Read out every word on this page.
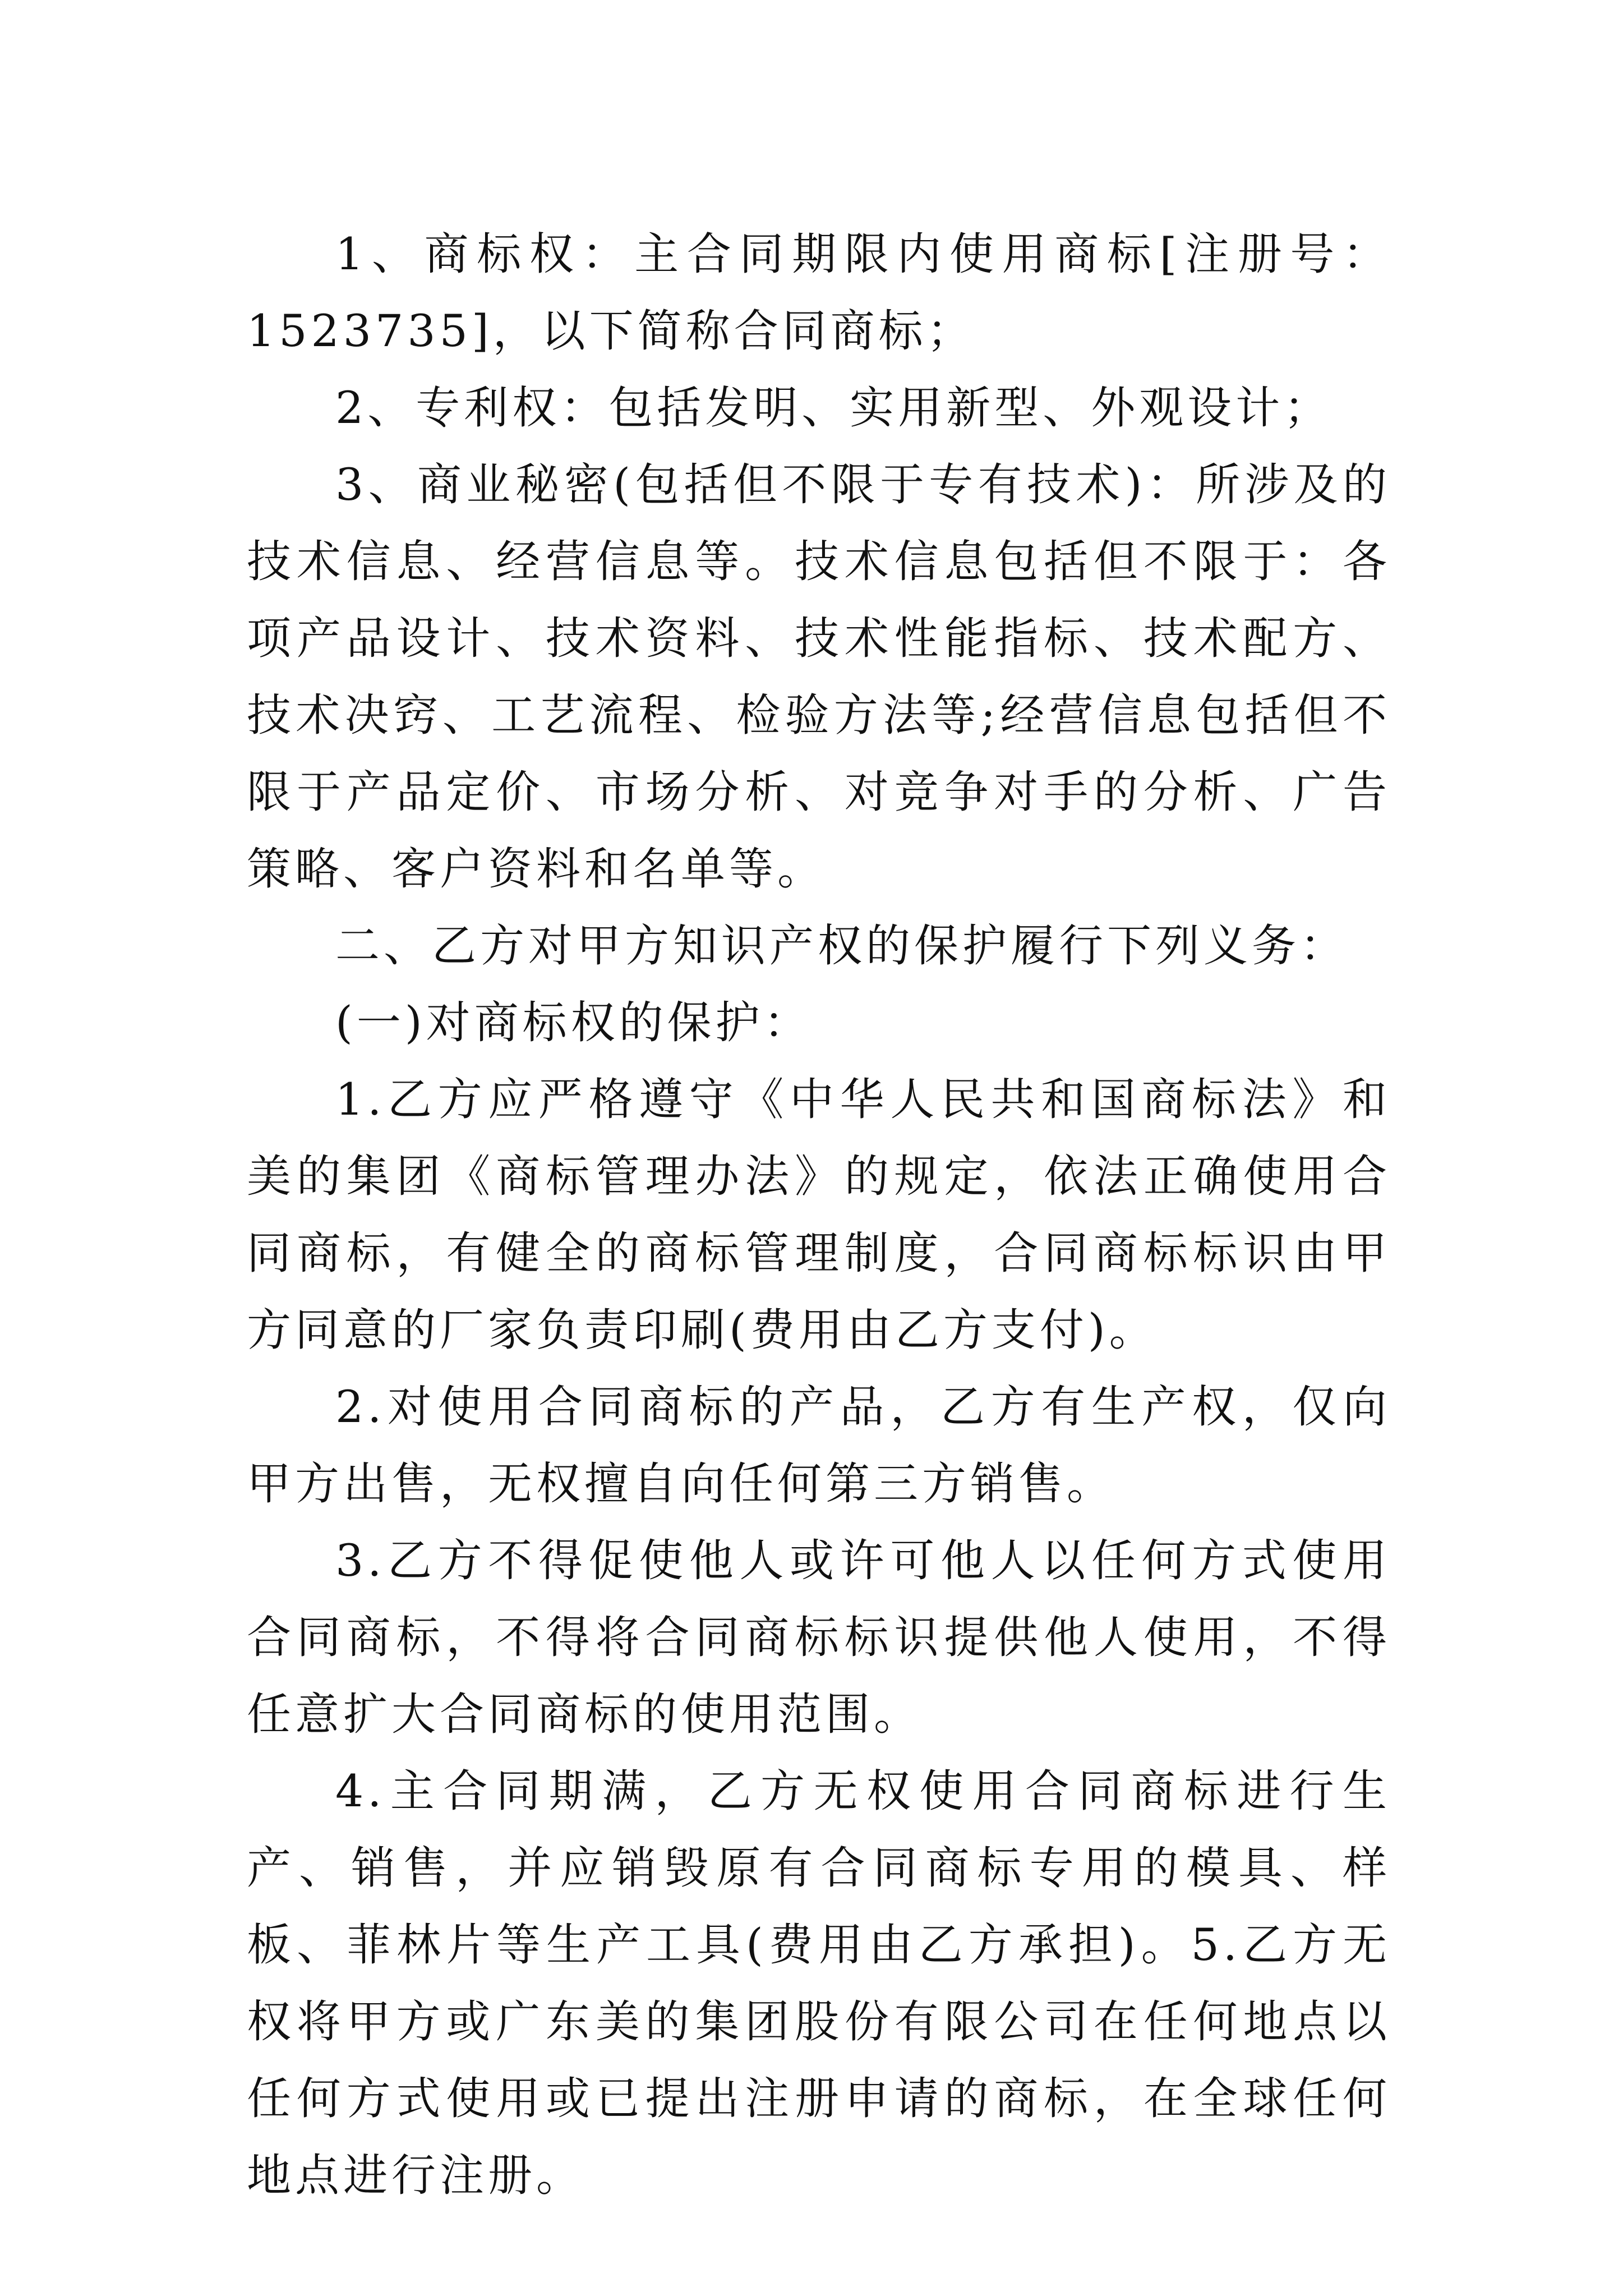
1、商标权：主合同期限内使用商标[注册号：1523735]，以下简称合同商标；

2、专利权：包括发明、实用新型、外观设计；

3、商业秘密(包括但不限于专有技术)：所涉及的技术信息、经营信息等。技术信息包括但不限于：各项产品设计、技术资料、技术性能指标、技术配方、技术决窍、工艺流程、检验方法等;经营信息包括但不限于产品定价、市场分析、对竞争对手的分析、广告策略、客户资料和名单等。

二、乙方对甲方知识产权的保护履行下列义务：

(一)对商标权的保护：

1.乙方应严格遵守《中华人民共和国商标法》和美的集团《商标管理办法》的规定，依法正确使用合同商标，有健全的商标管理制度，合同商标标识由甲方同意的厂家负责印刷(费用由乙方支付)。

2.对使用合同商标的产品，乙方有生产权，仅向甲方出售，无权擅自向任何第三方销售。

3.乙方不得促使他人或许可他人以任何方式使用合同商标，不得将合同商标标识提供他人使用，不得任意扩大合同商标的使用范围。

4.主合同期满，乙方无权使用合同商标进行生产、销售，并应销毁原有合同商标专用的模具、样板、菲林片等生产工具(费用由乙方承担)。5.乙方无权将甲方或广东美的集团股份有限公司在任何地点以任何方式使用或已提出注册申请的商标，在全球任何地点进行注册。
